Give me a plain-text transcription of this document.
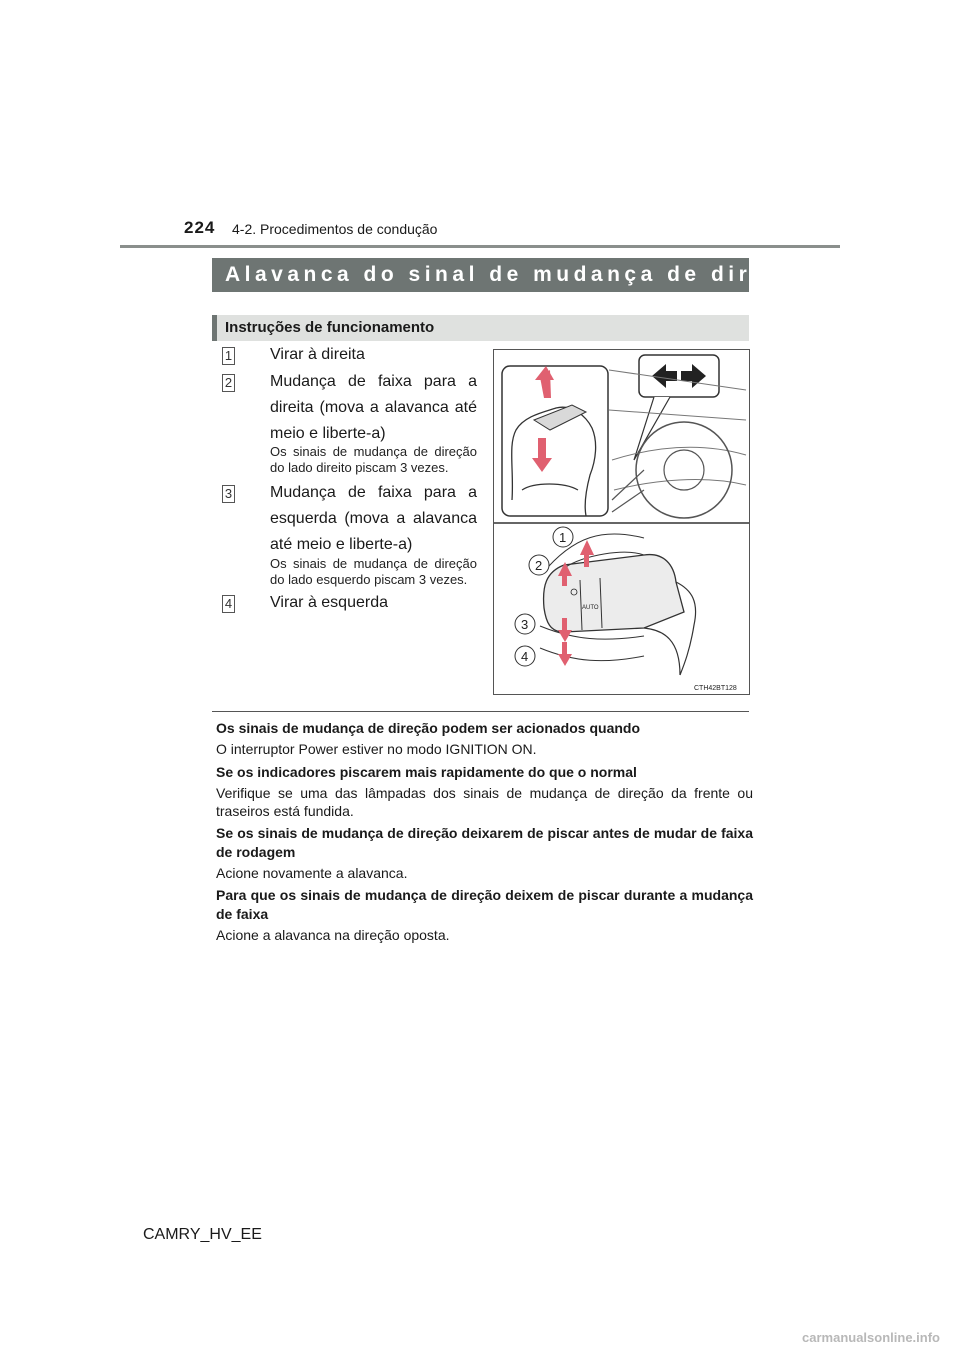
224 4-2. Procedimentos de condução
Alavanca do sinal de mudança de direção
Instruções de funcionamento
1 Virar à direita
2 Mudança de faixa para a direita (mova a alavanca até meio e liberte-a)
Os sinais de mudança de direção do lado direito piscam 3 vezes.
3 Mudança de faixa para a esquerda (mova a alavanca até meio e liberte-a)
Os sinais de mudança de direção do lado esquerdo piscam 3 vezes.
4 Virar à esquerda	AUTO
1
2
3
4
CTH42BT128
Os sinais de mudança de direção podem ser acionados quando
O interruptor Power estiver no modo IGNITION ON.
Se os indicadores piscarem mais rapidamente do que o normal
Verifique se uma das lâmpadas dos sinais de mudança de direção da frente ou traseiros está fundida.
Se os sinais de mudança de direção deixarem de piscar antes de mudar de faixa de rodagem
Acione novamente a alavanca.
Para que os sinais de mudança de direção deixem de piscar durante a mudança de faixa
Acione a alavanca na direção oposta.
CAMRY_HV_EE
carmanualsonline.info
